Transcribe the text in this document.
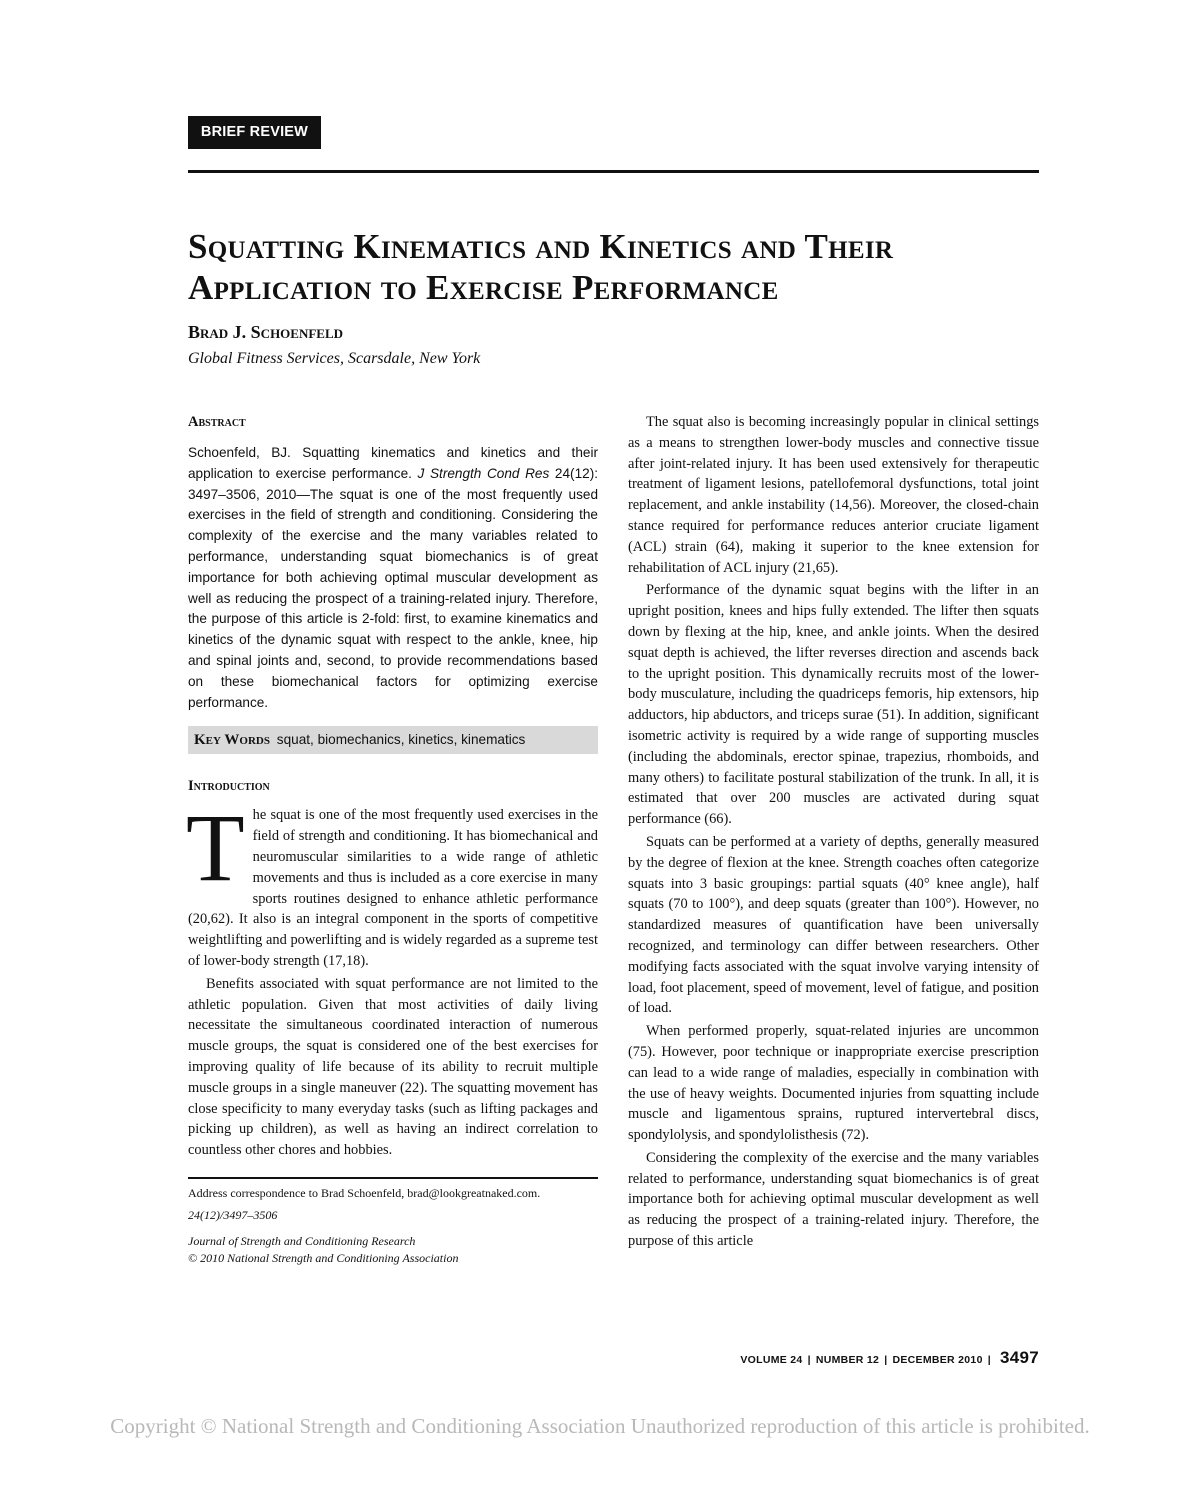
BRIEF REVIEW
Squatting Kinematics and Kinetics and Their
Application to Exercise Performance
Brad J. Schoenfeld
Global Fitness Services, Scarsdale, New York
Abstract

Schoenfeld, BJ. Squatting kinematics and kinetics and their application to exercise performance. J Strength Cond Res 24(12): 3497–3506, 2010—The squat is one of the most frequently used exercises in the field of strength and conditioning. Considering the complexity of the exercise and the many variables related to performance, understanding squat biomechanics is of great importance for both achieving optimal muscular development as well as reducing the prospect of a training-related injury. Therefore, the purpose of this article is 2-fold: first, to examine kinematics and kinetics of the dynamic squat with respect to the ankle, knee, hip and spinal joints and, second, to provide recommendations based on these biomechanical factors for optimizing exercise performance.

Key Words squat, biomechanics, kinetics, kinematics
Introduction

The squat is one of the most frequently used exercises in the field of strength and conditioning. It has biomechanical and neuromuscular similarities to a wide range of athletic movements and thus is included as a core exercise in many sports routines designed to enhance athletic performance (20,62). It also is an integral component in the sports of competitive weightlifting and powerlifting and is widely regarded as a supreme test of lower-body strength (17,18).

Benefits associated with squat performance are not limited to the athletic population. Given that most activities of daily living necessitate the simultaneous coordinated interaction of numerous muscle groups, the squat is considered one of the best exercises for improving quality of life because of its ability to recruit multiple muscle groups in a single maneuver (22). The squatting movement has close specificity to many everyday tasks (such as lifting packages and picking up children), as well as having an indirect correlation to countless other chores and hobbies.

Address correspondence to Brad Schoenfeld, brad@lookgreatnaked.com.

24(12)/3497–3506

Journal of Strength and Conditioning Research

© 2010 National Strength and Conditioning Association

The squat also is becoming increasingly popular in clinical settings as a means to strengthen lower-body muscles and connective tissue after joint-related injury. It has been used extensively for therapeutic treatment of ligament lesions, patellofemoral dysfunctions, total joint replacement, and ankle instability (14,56). Moreover, the closed-chain stance required for performance reduces anterior cruciate ligament (ACL) strain (64), making it superior to the knee extension for rehabilitation of ACL injury (21,65).

Performance of the dynamic squat begins with the lifter in an upright position, knees and hips fully extended. The lifter then squats down by flexing at the hip, knee, and ankle joints. When the desired squat depth is achieved, the lifter reverses direction and ascends back to the upright position. This dynamically recruits most of the lower-body musculature, including the quadriceps femoris, hip extensors, hip adductors, hip abductors, and triceps surae (51). In addition, significant isometric activity is required by a wide range of supporting muscles (including the abdominals, erector spinae, trapezius, rhomboids, and many others) to facilitate postural stabilization of the trunk. In all, it is estimated that over 200 muscles are activated during squat performance (66).

Squats can be performed at a variety of depths, generally measured by the degree of flexion at the knee. Strength coaches often categorize squats into 3 basic groupings: partial squats (40° knee angle), half squats (70 to 100°), and deep squats (greater than 100°). However, no standardized measures of quantification have been universally recognized, and terminology can differ between researchers. Other modifying facts associated with the squat involve varying intensity of load, foot placement, speed of movement, level of fatigue, and position of load.

When performed properly, squat-related injuries are uncommon (75). However, poor technique or inappropriate exercise prescription can lead to a wide range of maladies, especially in combination with the use of heavy weights. Documented injuries from squatting include muscle and ligamentous sprains, ruptured intervertebral discs, spondylolysis, and spondylolisthesis (72).

Considering the complexity of the exercise and the many variables related to performance, understanding squat biomechanics is of great importance both for achieving optimal muscular development as well as reducing the prospect of a training-related injury. Therefore, the purpose of this article

VOLUME 24 | NUMBER 12 | DECEMBER 2010 | 3497
Copyright © National Strength and Conditioning Association Unauthorized reproduction of this article is prohibited.
